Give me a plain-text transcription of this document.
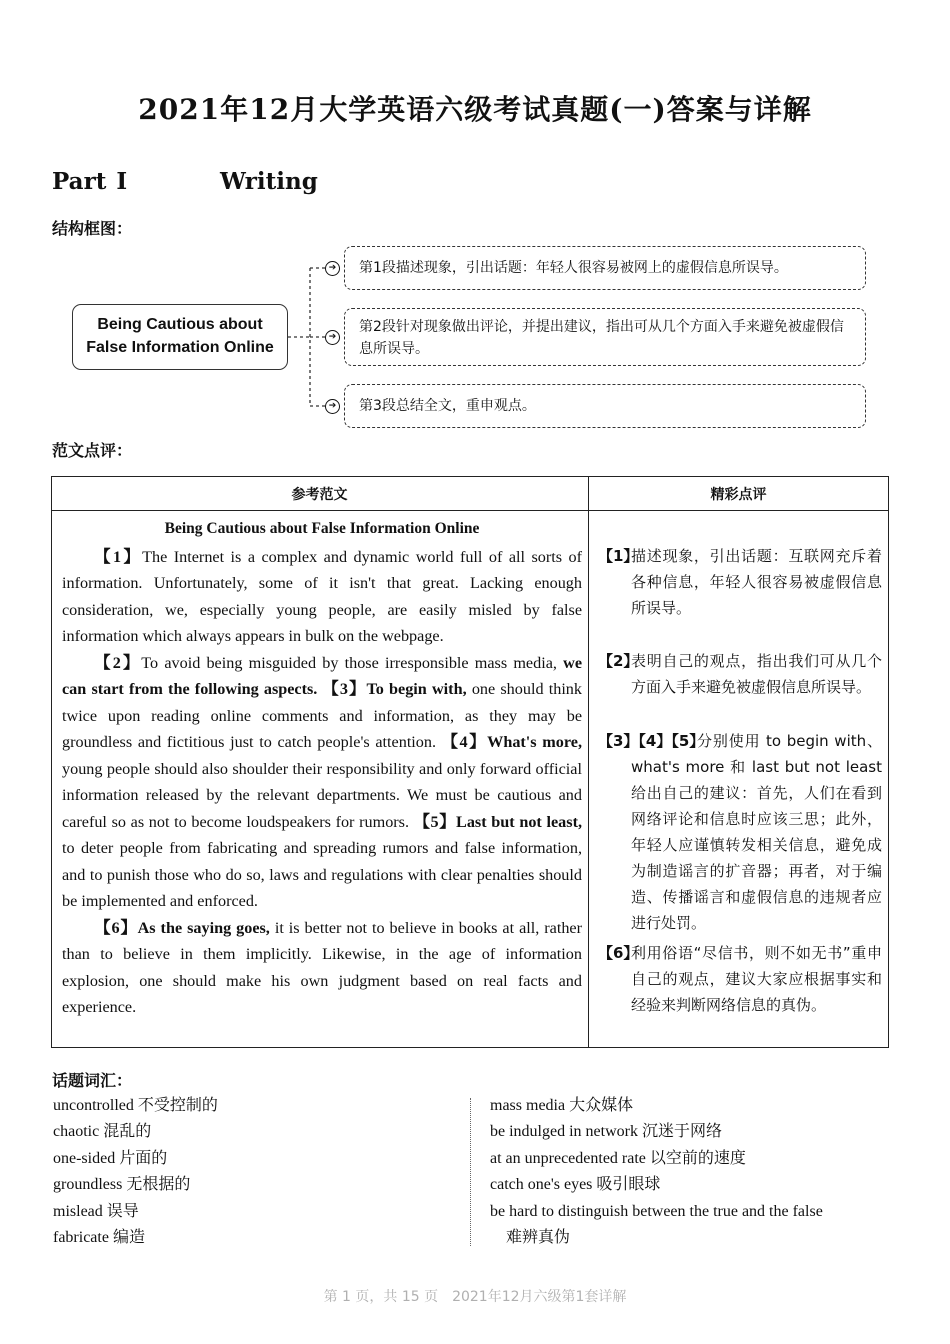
2021年12月大学英语六级考试真题(一)答案与详解
Part Ⅰ	Writing
结构框图：
Being Cautious about
False Information Online
➔
➔
➔
第1段描述现象，引出话题：年轻人很容易被网上的虚假信息所误导。
第2段针对现象做出评论，并提出建议，指出可从几个方面入手来避免被虚假信息所误导。
第3段总结全文，重申观点。
范文点评：
参考范文	精彩点评
Being Cautious about False Information Online

【1】The Internet is a complex and dynamic world full of all sorts of information. Unfortunately, some of it isn't that great. Lacking enough consideration, we, especially young people, are easily misled by false information which always appears in bulk on the webpage.

【2】To avoid being misguided by those irresponsible mass media, we can start from the following aspects. 【3】To begin with, one should think twice upon reading online comments and information, as they may be groundless and fictitious just to catch people's attention. 【4】What's more, young people should also shoulder their responsibility and only forward official information released by the relevant departments. We must be cautious and careful so as not to become loudspeakers for rumors. 【5】Last but not least, to deter people from fabricating and spreading rumors and false information, and to punish those who do so, laws and regulations with clear penalties should be implemented and enforced.

【6】As the saying goes, it is better not to believe in books at all, rather than to believe in them implicitly. Likewise, in the age of information explosion, one should make his own judgment based on real facts and experience.

【1】
描述现象，引出话题：互联网充斥着各种信息，年轻人很容易被虚假信息所误导。
【2】
表明自己的观点，指出我们可从几个方面入手来避免被虚假信息所误导。
【3】【4】【5】
分别使用 to begin with、what's more 和 last but not least 给出自己的建议：首先，人们在看到网络评论和信息时应该三思；此外，年轻人应谨慎转发相关信息，避免成为制造谣言的扩音器；再者，对于编造、传播谣言和虚假信息的违规者应进行处罚。
【6】
利用俗语“尽信书，则不如无书”重申自己的观点，建议大家应根据事实和经验来判断网络信息的真伪。
话题词汇：
uncontrolled 不受控制的
chaotic 混乱的
one-sided 片面的
groundless 无根据的
mislead 误导
fabricate 编造
mass media 大众媒体
be indulged in network 沉迷于网络
at an unprecedented rate 以空前的速度
catch one's eyes 吸引眼球
be hard to distinguish between the true and the false
难辨真伪
第 1 页，共 15 页　2021年12月六级第1套详解
